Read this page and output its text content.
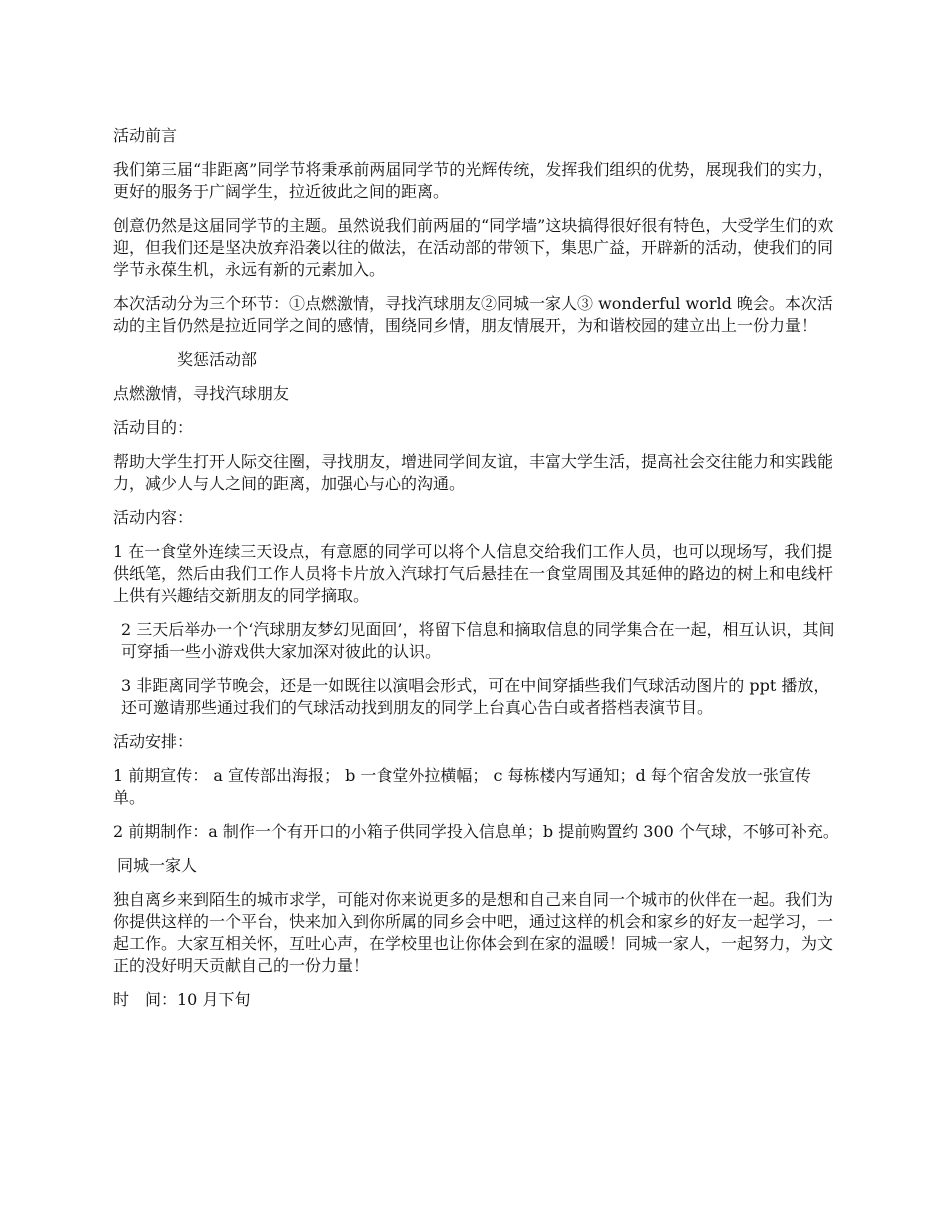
活动前言

我们第三届“非距离”同学节将秉承前两届同学节的光辉传统，发挥我们组织的优势，展现我们的实力，更好的服务于广阔学生，拉近彼此之间的距离。

创意仍然是这届同学节的主题。虽然说我们前两届的“同学墙”这块搞得很好很有特色，大受学生们的欢迎，但我们还是坚决放弃沿袭以往的做法，在活动部的带领下，集思广益，开辟新的活动，使我们的同学节永葆生机，永远有新的元素加入。

本次活动分为三个环节：①点燃激情，寻找汽球朋友②同城一家人③ wonderful world 晚会。本次活动的主旨仍然是拉近同学之间的感情，围绕同乡情，朋友情展开，为和谐校园的建立出上一份力量！

奖惩活动部

点燃激情，寻找汽球朋友

活动目的：

帮助大学生打开人际交往圈，寻找朋友，增进同学间友谊，丰富大学生活，提高社会交往能力和实践能力，减少人与人之间的距离，加强心与心的沟通。

活动内容：

1 在一食堂外连续三天设点，有意愿的同学可以将个人信息交给我们工作人员，也可以现场写，我们提供纸笔，然后由我们工作人员将卡片放入汽球打气后悬挂在一食堂周围及其延伸的路边的树上和电线杆上供有兴趣结交新朋友的同学摘取。

2 三天后举办一个‘汽球朋友梦幻见面回’，将留下信息和摘取信息的同学集合在一起，相互认识，其间可穿插一些小游戏供大家加深对彼此的认识。

3 非距离同学节晚会，还是一如既往以演唱会形式，可在中间穿插些我们气球活动图片的 ppt 播放，还可邀请那些通过我们的气球活动找到朋友的同学上台真心告白或者搭档表演节目。

活动安排：

1 前期宣传： a 宣传部出海报； b 一食堂外拉横幅； c 每栋楼内写通知；d 每个宿舍发放一张宣传单。

2 前期制作：a 制作一个有开口的小箱子供同学投入信息单；b 提前购置约 300 个气球，不够可补充。

同城一家人

独自离乡来到陌生的城市求学，可能对你来说更多的是想和自己来自同一个城市的伙伴在一起。我们为你提供这样的一个平台，快来加入到你所属的同乡会中吧，通过这样的机会和家乡的好友一起学习，一起工作。大家互相关怀，互吐心声，在学校里也让你体会到在家的温暖！同城一家人，一起努力，为文正的没好明天贡献自己的一份力量！

时　间：10 月下旬
